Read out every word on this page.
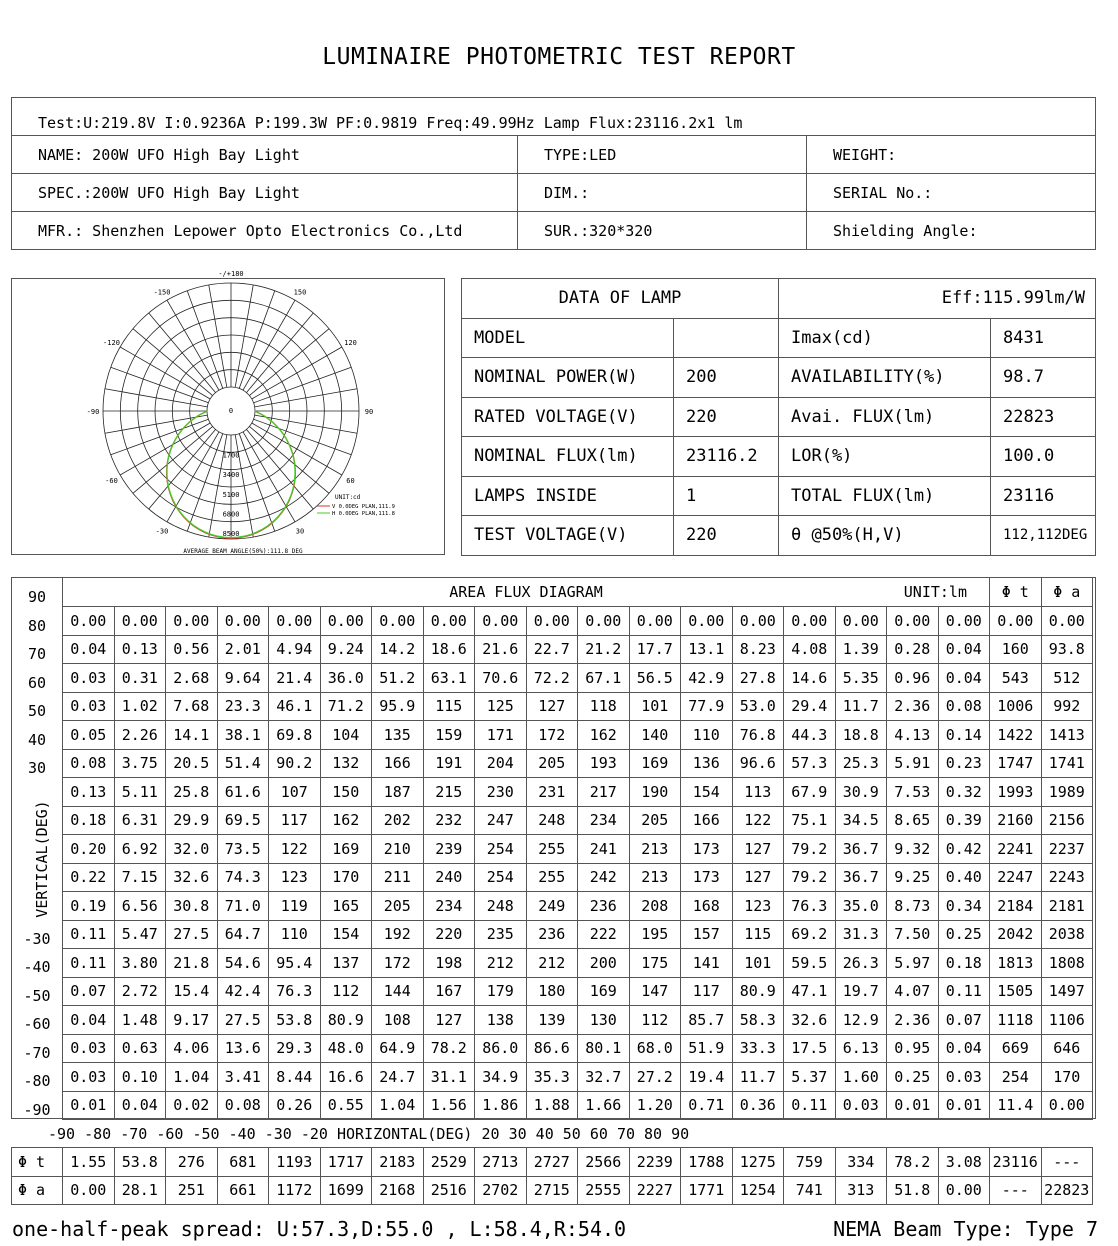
LUMINAIRE PHOTOMETRIC TEST REPORT
Test:U:219.8V I:0.9236A P:199.3W PF:0.9819 Freq:49.99Hz Lamp Flux:23116.2x1 lm		
NAME: 200W UFO High Bay Light	TYPE:LED	WEIGHT:
SPEC.:200W UFO High Bay Light	DIM.:	SERIAL No.:
MFR.: Shenzhen Lepower Opto Electronics Co.,Ltd	SUR.:320*320	Shielding Angle:
-/+180
-150	150
-120	120
-90	90
-60	60
-30	30
0
1700
3400
5100
6800
8500
UNIT:cd
V 0.0DEG PLAN,111.9
H 0.0DEG PLAN,111.8
AVERAGE BEAM ANGLE(50%):111.8 DEG
DATA OF LAMP		Eff:115.99lm/W	
MODEL		Imax(cd)	8431
NOMINAL POWER(W)	200	AVAILABILITY(%)	98.7
RATED VOLTAGE(V)	220	Avai. FLUX(lm)	22823
NOMINAL FLUX(lm)	23116.2	LOR(%)	100.0
LAMPS INSIDE	1	TOTAL FLUX(lm)	23116
TEST VOLTAGE(V)	220	θ @50%(H,V)	112,112DEG
90
80
70
60
50
40
30
-30
-40
-50
-60
-70
-80
-90
VERTICAL(DEG)
AREA FLUX DIAGRAM UNIT:lm																		Φ t	Φ a
0.00	0.00	0.00	0.00	0.00	0.00	0.00	0.00	0.00	0.00	0.00	0.00	0.00	0.00	0.00	0.00	0.00	0.00	0.00	0.00
0.04	0.13	0.56	2.01	4.94	9.24	14.2	18.6	21.6	22.7	21.2	17.7	13.1	8.23	4.08	1.39	0.28	0.04	160	93.8
0.03	0.31	2.68	9.64	21.4	36.0	51.2	63.1	70.6	72.2	67.1	56.5	42.9	27.8	14.6	5.35	0.96	0.04	543	512
0.03	1.02	7.68	23.3	46.1	71.2	95.9	115	125	127	118	101	77.9	53.0	29.4	11.7	2.36	0.08	1006	992
0.05	2.26	14.1	38.1	69.8	104	135	159	171	172	162	140	110	76.8	44.3	18.8	4.13	0.14	1422	1413
0.08	3.75	20.5	51.4	90.2	132	166	191	204	205	193	169	136	96.6	57.3	25.3	5.91	0.23	1747	1741
0.13	5.11	25.8	61.6	107	150	187	215	230	231	217	190	154	113	67.9	30.9	7.53	0.32	1993	1989
0.18	6.31	29.9	69.5	117	162	202	232	247	248	234	205	166	122	75.1	34.5	8.65	0.39	2160	2156
0.20	6.92	32.0	73.5	122	169	210	239	254	255	241	213	173	127	79.2	36.7	9.32	0.42	2241	2237
0.22	7.15	32.6	74.3	123	170	211	240	254	255	242	213	173	127	79.2	36.7	9.25	0.40	2247	2243
0.19	6.56	30.8	71.0	119	165	205	234	248	249	236	208	168	123	76.3	35.0	8.73	0.34	2184	2181
0.11	5.47	27.5	64.7	110	154	192	220	235	236	222	195	157	115	69.2	31.3	7.50	0.25	2042	2038
0.11	3.80	21.8	54.6	95.4	137	172	198	212	212	200	175	141	101	59.5	26.3	5.97	0.18	1813	1808
0.07	2.72	15.4	42.4	76.3	112	144	167	179	180	169	147	117	80.9	47.1	19.7	4.07	0.11	1505	1497
0.04	1.48	9.17	27.5	53.8	80.9	108	127	138	139	130	112	85.7	58.3	32.6	12.9	2.36	0.07	1118	1106
0.03	0.63	4.06	13.6	29.3	48.0	64.9	78.2	86.0	86.6	80.1	68.0	51.9	33.3	17.5	6.13	0.95	0.04	669	646
0.03	0.10	1.04	3.41	8.44	16.6	24.7	31.1	34.9	35.3	32.7	27.2	19.4	11.7	5.37	1.60	0.25	0.03	254	170
0.01	0.04	0.02	0.08	0.26	0.55	1.04	1.56	1.86	1.88	1.66	1.20	0.71	0.36	0.11	0.03	0.01	0.01	11.4	0.00
-90 -80 -70 -60 -50 -40 -30 -20 HORIZONTAL(DEG) 20 30 40 50 60 70 80 90
Φ t	1.55	53.8	276	681	1193	1717	2183	2529	2713	2727	2566	2239	1788	1275	759	334	78.2	3.08	23116	---
Φ a	0.00	28.1	251	661	1172	1699	2168	2516	2702	2715	2555	2227	1771	1254	741	313	51.8	0.00	---	22823
one-half-peak spread: U:57.3,D:55.0 , L:58.4,R:54.0	NEMA Beam Type: Type 7
